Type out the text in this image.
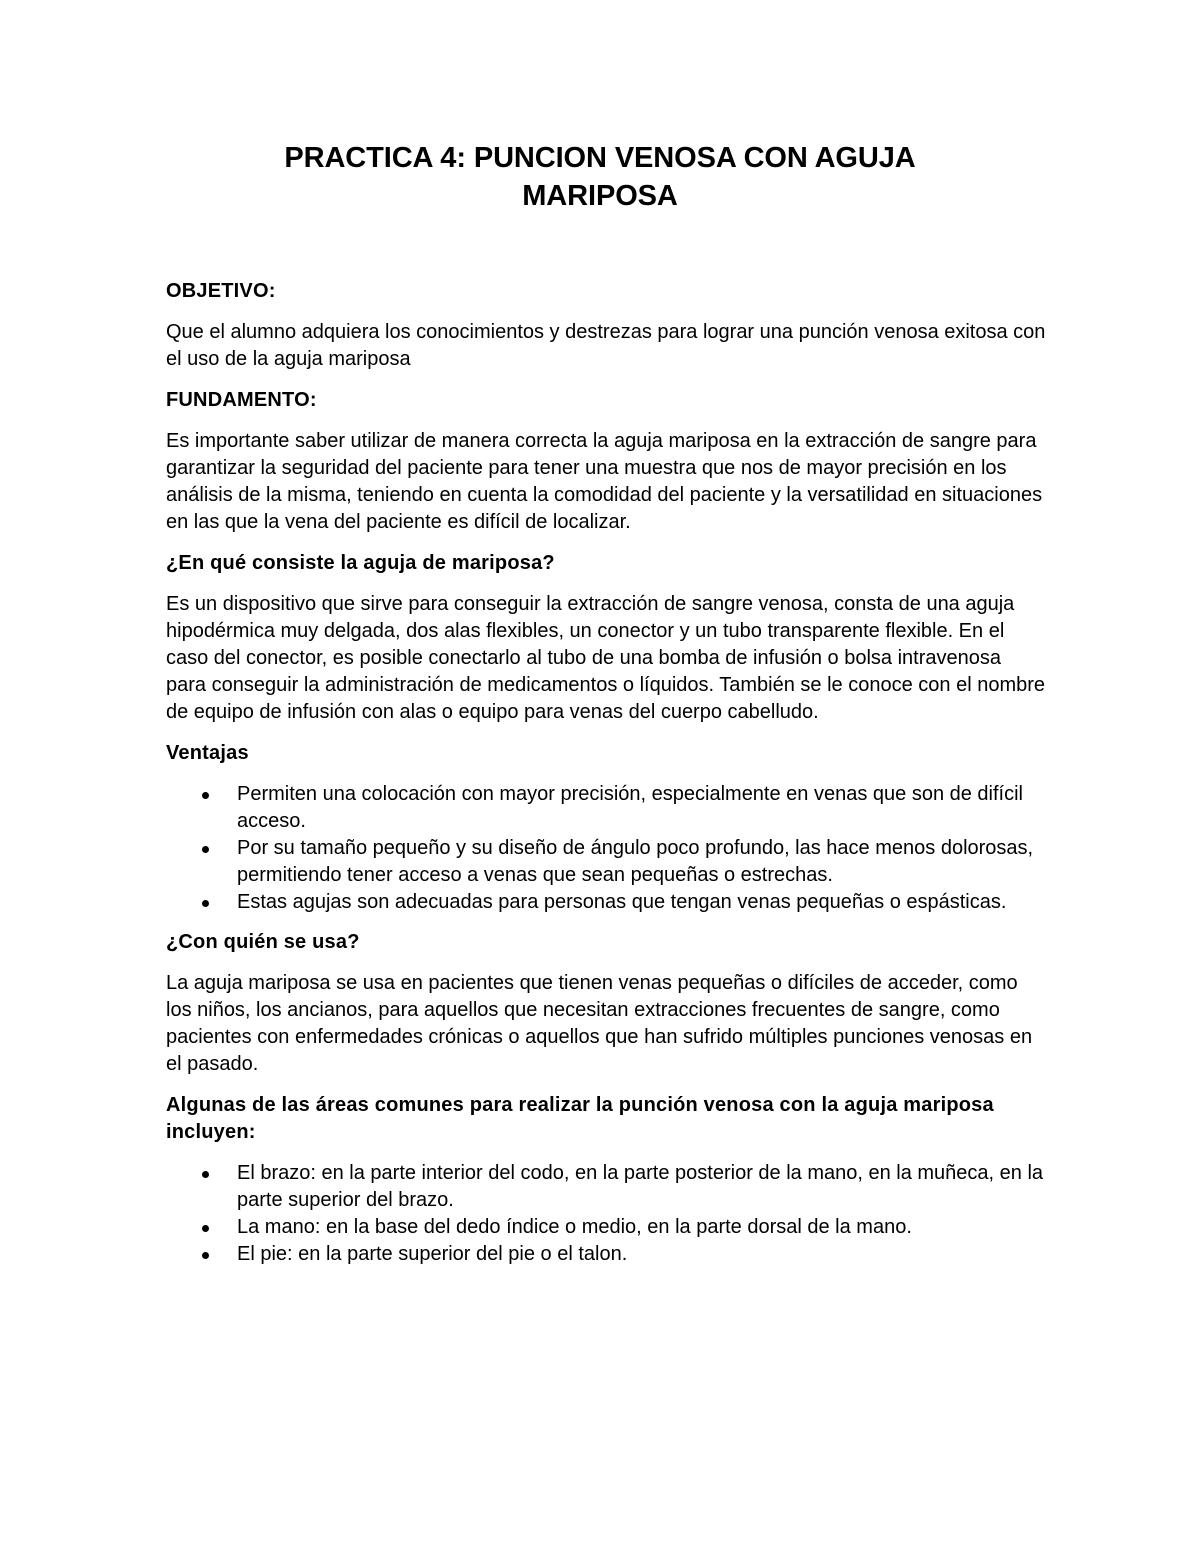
PRACTICA 4: PUNCION VENOSA CON AGUJA
MARIPOSA

OBJETIVO:

Que el alumno adquiera los conocimientos y destrezas para lograr una punción venosa exitosa con el uso de la aguja mariposa

FUNDAMENTO:

Es importante saber utilizar de manera correcta la aguja mariposa en la extracción de sangre para garantizar la seguridad del paciente para tener una muestra que nos de mayor precisión en los análisis de la misma, teniendo en cuenta la comodidad del paciente y la versatilidad en situaciones en las que la vena del paciente es difícil de localizar.

¿En qué consiste la aguja de mariposa?

Es un dispositivo que sirve para conseguir la extracción de sangre venosa, consta de una aguja hipodérmica muy delgada, dos alas flexibles, un conector y un tubo transparente flexible. En el caso del conector, es posible conectarlo al tubo de una bomba de infusión o bolsa intravenosa para conseguir la administración de medicamentos o líquidos. También se le conoce con el nombre de equipo de infusión con alas o equipo para venas del cuerpo cabelludo.

Ventajas

Permiten una colocación con mayor precisión, especialmente en venas que son de difícil acceso.
Por su tamaño pequeño y su diseño de ángulo poco profundo, las hace menos dolorosas, permitiendo tener acceso a venas que sean pequeñas o estrechas.
Estas agujas son adecuadas para personas que tengan venas pequeñas o espásticas.

¿Con quién se usa?

La aguja mariposa se usa en pacientes que tienen venas pequeñas o difíciles de acceder, como los niños, los ancianos, para aquellos que necesitan extracciones frecuentes de sangre, como pacientes con enfermedades crónicas o aquellos que han sufrido múltiples punciones venosas en el pasado.

Algunas de las áreas comunes para realizar la punción venosa con la aguja mariposa incluyen:

El brazo: en la parte interior del codo, en la parte posterior de la mano, en la muñeca, en la parte superior del brazo.
La mano: en la base del dedo índice o medio, en la parte dorsal de la mano.
El pie: en la parte superior del pie o el talon.
